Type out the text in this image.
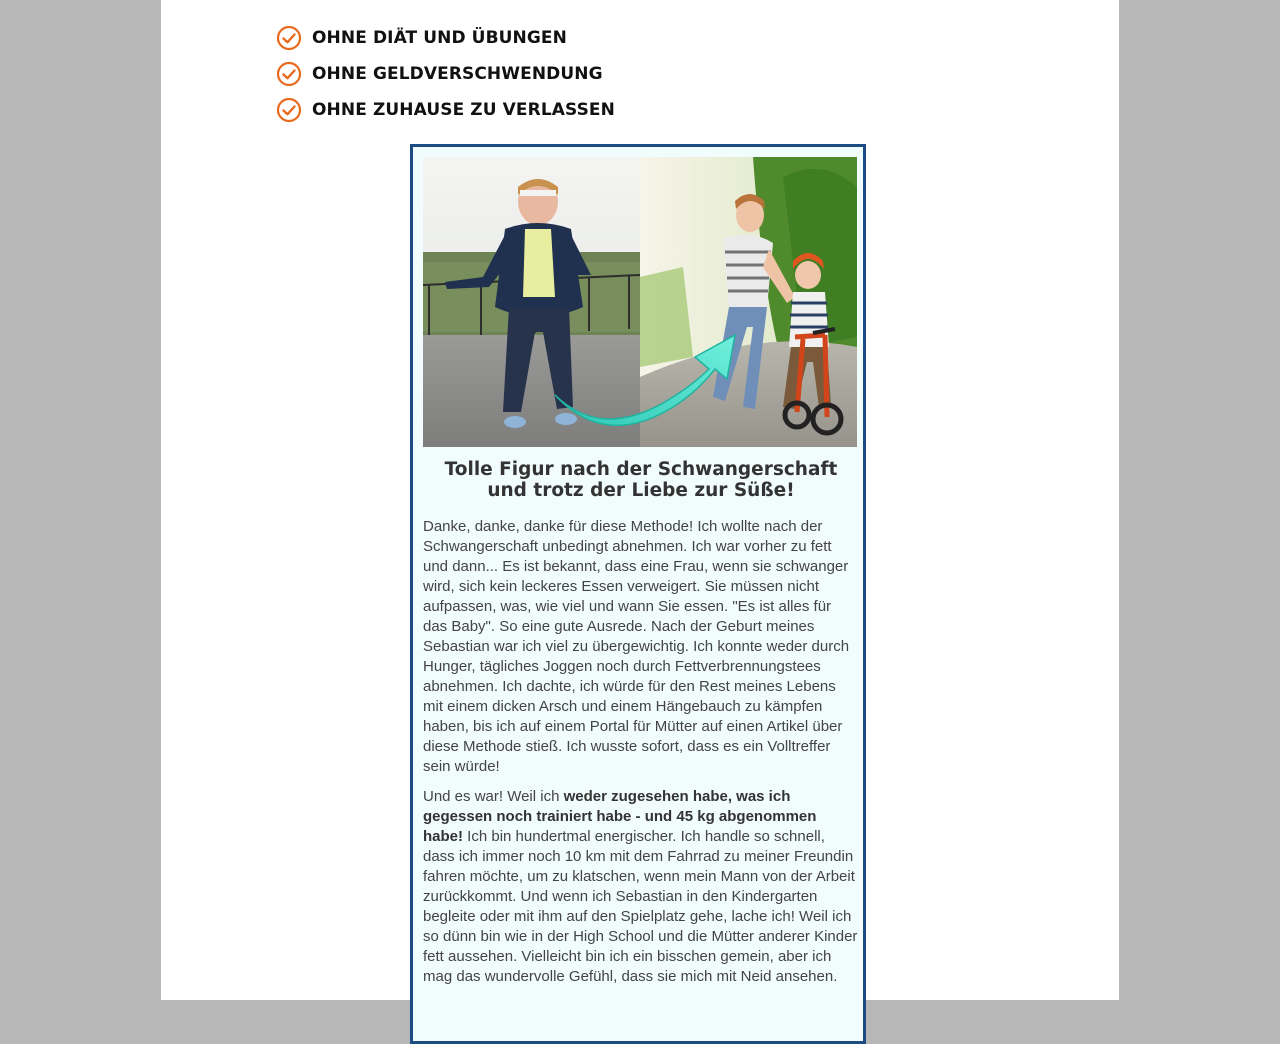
OHNE DIÄT UND ÜBUNGEN
OHNE GELDVERSCHWENDUNG
OHNE ZUHAUSE ZU VERLASSEN
Tolle Figur nach der Schwangerschaft und trotz der Liebe zur Süße!

Danke, danke, danke für diese Methode! Ich wollte nach der Schwangerschaft unbedingt abnehmen. Ich war vorher zu fett und dann... Es ist bekannt, dass eine Frau, wenn sie schwanger wird, sich kein leckeres Essen verweigert. Sie müssen nicht aufpassen, was, wie viel und wann Sie essen. "Es ist alles für das Baby". So eine gute Ausrede. Nach der Geburt meines Sebastian war ich viel zu übergewichtig. Ich konnte weder durch Hunger, tägliches Joggen noch durch Fettverbrennungstees abnehmen. Ich dachte, ich würde für den Rest meines Lebens mit einem dicken Arsch und einem Hängebauch zu kämpfen haben, bis ich auf einem Portal für Mütter auf einen Artikel über diese Methode stieß. Ich wusste sofort, dass es ein Volltreffer sein würde!

Und es war! Weil ich weder zugesehen habe, was ich gegessen noch trainiert habe - und 45 kg abgenommen habe! Ich bin hundertmal energischer. Ich handle so schnell, dass ich immer noch 10 km mit dem Fahrrad zu meiner Freundin fahren möchte, um zu klatschen, wenn mein Mann von der Arbeit zurückkommt. Und wenn ich Sebastian in den Kindergarten begleite oder mit ihm auf den Spielplatz gehe, lache ich! Weil ich so dünn bin wie in der High School und die Mütter anderer Kinder fett aussehen. Vielleicht bin ich ein bisschen gemein, aber ich mag das wundervolle Gefühl, dass sie mich mit Neid ansehen.
